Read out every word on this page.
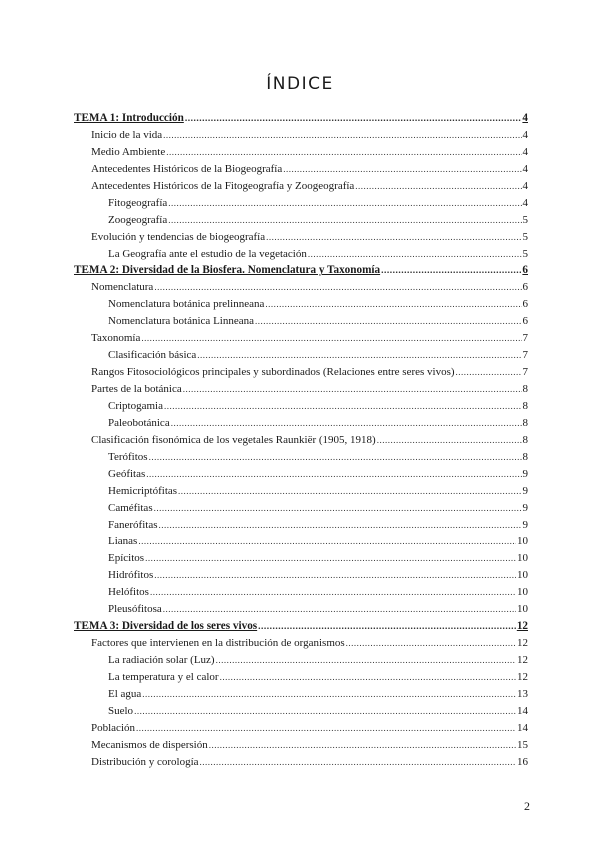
ÍNDICE
TEMA 1: Introducción .....	4
Inicio de la vida .....	4
Medio Ambiente .....	4
Antecedentes Históricos de la Biogeografía .....	4
Antecedentes Históricos de la Fitogeografía y Zoogeografía .....	4
Fitogeografía .....	4
Zoogeografía .....	5
Evolución y tendencias de biogeografía .....	5
La Geografía ante el estudio de la vegetación .....	5
TEMA 2: Diversidad de la Biosfera. Nomenclatura y Taxonomía .....	6
Nomenclatura .....	6
Nomenclatura botánica prelinneana .....	6
Nomenclatura botánica Linneana .....	6
Taxonomía .....	7
Clasificación básica .....	7
Rangos Fitosociológicos principales y subordinados (Relaciones entre seres vivos) .....	7
Partes de la botánica .....	8
Criptogamia .....	8
Paleobotánica .....	8
Clasificación fisonómica de los vegetales Raunkiër (1905, 1918) .....	8
Terófitos .....	8
Geófitas .....	9
Hemicriptófitas .....	9
Caméfitas .....	9
Fanerófitas .....	9
Lianas .....	10
Epícitos .....	10
Hidrófitos .....	10
Helófitos .....	10
Pleusófitosa .....	10
TEMA 3: Diversidad de los seres vivos .....	12
Factores que intervienen en la distribución de organismos .....	12
La radiación solar (Luz) .....	12
La temperatura y el calor .....	12
El agua .....	13
Suelo .....	14
Población .....	14
Mecanismos de dispersión .....	15
Distribución y corología .....	16
2
